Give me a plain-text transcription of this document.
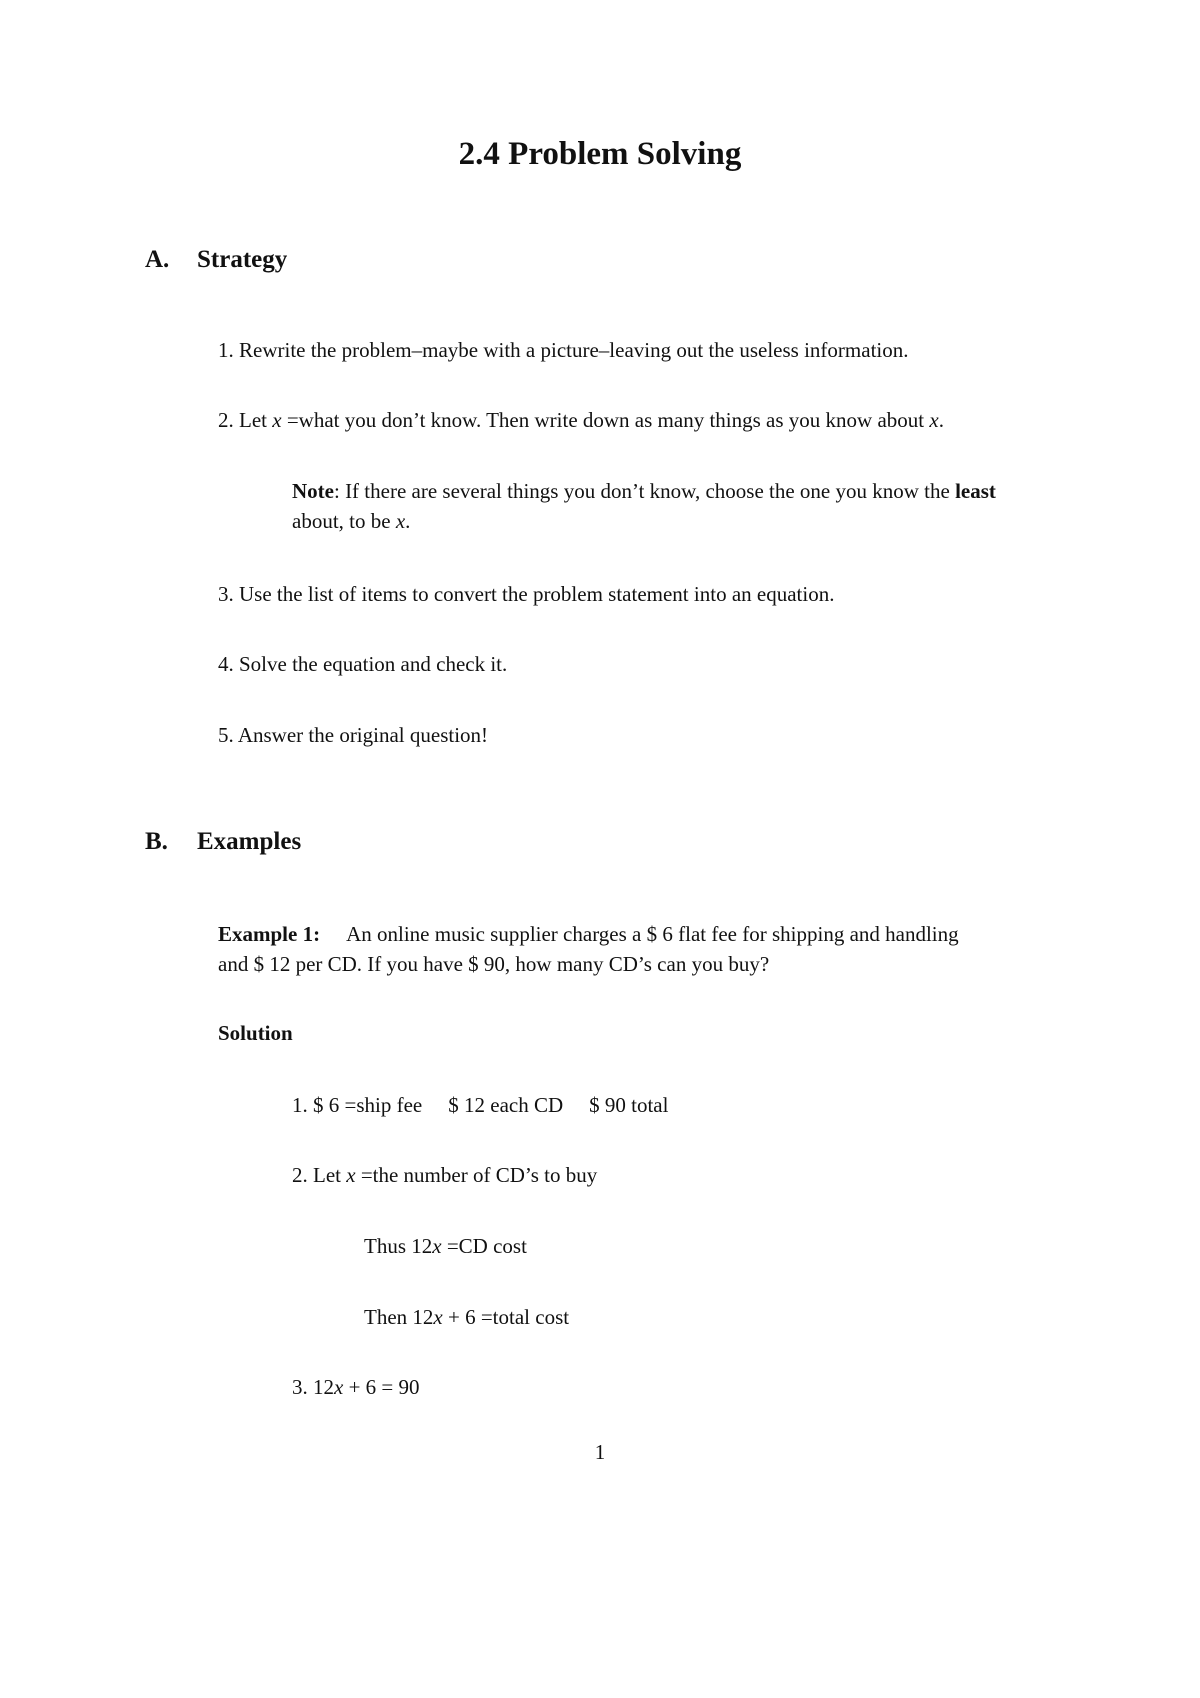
2.4 Problem Solving
A. Strategy
1. Rewrite the problem–maybe with a picture–leaving out the useless information.
2. Let x =what you don’t know. Then write down as many things as you know about x.
Note: If there are several things you don’t know, choose the one you know the least
about, to be x.
3. Use the list of items to convert the problem statement into an equation.
4. Solve the equation and check it.
5. Answer the original question!
B. Examples
Example 1: An online music supplier charges a $ 6 flat fee for shipping and handling
and $ 12 per CD. If you have $ 90, how many CD’s can you buy?
Solution
1. $ 6 =ship fee $ 12 each CD $ 90 total
2. Let x =the number of CD’s to buy
Thus 12x =CD cost
Then 12x + 6 =total cost
3. 12x + 6 = 90
1
